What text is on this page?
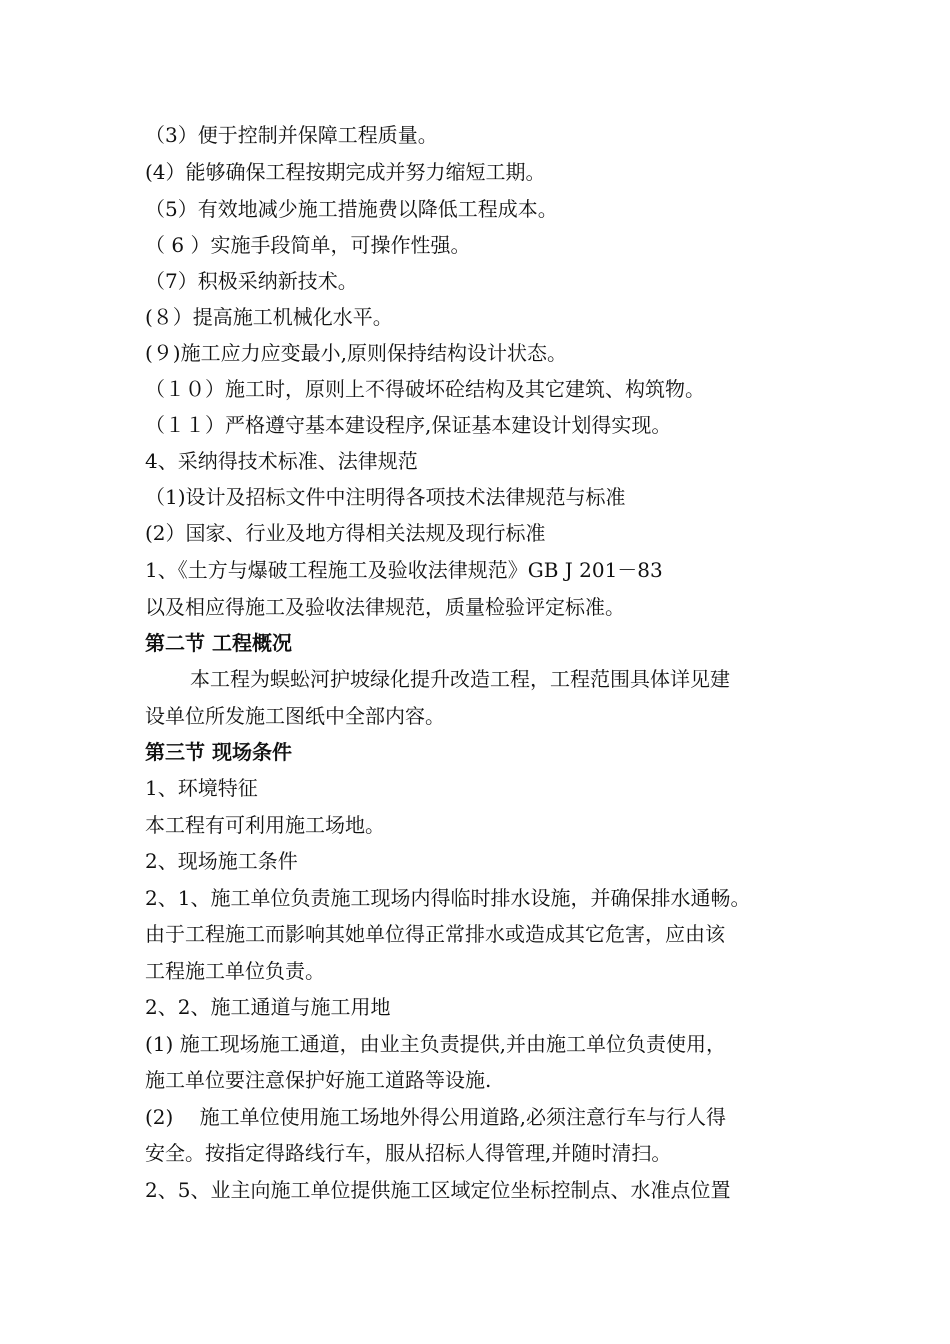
（3）便于控制并保障工程质量。
(4）能够确保工程按期完成并努力缩短工期。
（5）有效地减少施工措施费以降低工程成本。
（ 6 ）实施手段简单，可操作性强。
（7）积极采纳新技术。
(８）提高施工机械化水平。
(９)施工应力应变最小,原则保持结构设计状态。
（１０）施工时，原则上不得破坏砼结构及其它建筑、构筑物。
（１１）严格遵守基本建设程序,保证基本建设计划得实现。
4、采纳得技术标准、法律规范
（1)设计及招标文件中注明得各项技术法律规范与标准
(2）国家、行业及地方得相关法规及现行标准
1、《土方与爆破工程施工及验收法律规范》GB J 201－83
以及相应得施工及验收法律规范，质量检验评定标准。
第二节 工程概况
本工程为蜈蚣河护坡绿化提升改造工程，工程范围具体详见建
设单位所发施工图纸中全部内容。
第三节 现场条件
1、环境特征
本工程有可利用施工场地。
2、现场施工条件
2、1、施工单位负责施工现场内得临时排水设施，并确保排水通畅。
由于工程施工而影响其她单位得正常排水或造成其它危害，应由该
工程施工单位负责。
2、2、施工通道与施工用地
(1) 施工现场施工通道，由业主负责提供,并由施工单位负责使用，
施工单位要注意保护好施工道路等设施.
(2)　 施工单位使用施工场地外得公用道路,必须注意行车与行人得
安全。按指定得路线行车，服从招标人得管理,并随时清扫。
2、5、业主向施工单位提供施工区域定位坐标控制点、水准点位置
